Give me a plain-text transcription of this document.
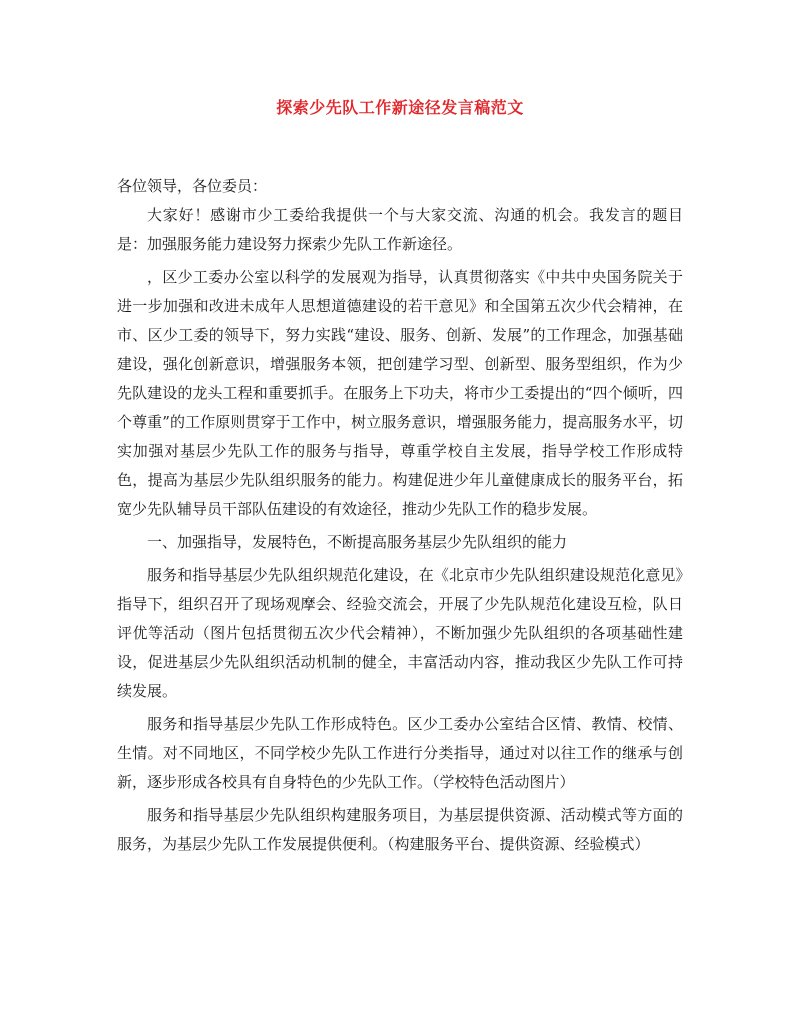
探索少先队工作新途径发言稿范文

各位领导，各位委员：

大家好！感谢市少工委给我提供一个与大家交流、沟通的机会。我发言的题目是：加强服务能力建设努力探索少先队工作新途径。

，区少工委办公室以科学的发展观为指导，认真贯彻落实《中共中央国务院关于进一步加强和改进未成年人思想道德建设的若干意见》和全国第五次少代会精神，在市、区少工委的领导下，努力实践“建设、服务、创新、发展”的工作理念，加强基础建设，强化创新意识，增强服务本领，把创建学习型、创新型、服务型组织，作为少先队建设的龙头工程和重要抓手。在服务上下功夫，将市少工委提出的“四个倾听，四个尊重”的工作原则贯穿于工作中，树立服务意识，增强服务能力，提高服务水平，切实加强对基层少先队工作的服务与指导，尊重学校自主发展，指导学校工作形成特色，提高为基层少先队组织服务的能力。构建促进少年儿童健康成长的服务平台，拓宽少先队辅导员干部队伍建设的有效途径，推动少先队工作的稳步发展。

一、加强指导，发展特色，不断提高服务基层少先队组织的能力

服务和指导基层少先队组织规范化建设，在《北京市少先队组织建设规范化意见》指导下，组织召开了现场观摩会、经验交流会，开展了少先队规范化建设互检，队日评优等活动（图片包括贯彻五次少代会精神），不断加强少先队组织的各项基础性建设，促进基层少先队组织活动机制的健全，丰富活动内容，推动我区少先队工作可持续发展。

服务和指导基层少先队工作形成特色。区少工委办公室结合区情、教情、校情、生情。对不同地区，不同学校少先队工作进行分类指导，通过对以往工作的继承与创新，逐步形成各校具有自身特色的少先队工作。（学校特色活动图片）

服务和指导基层少先队组织构建服务项目，为基层提供资源、活动模式等方面的服务，为基层少先队工作发展提供便利。（构建服务平台、提供资源、经验模式）
